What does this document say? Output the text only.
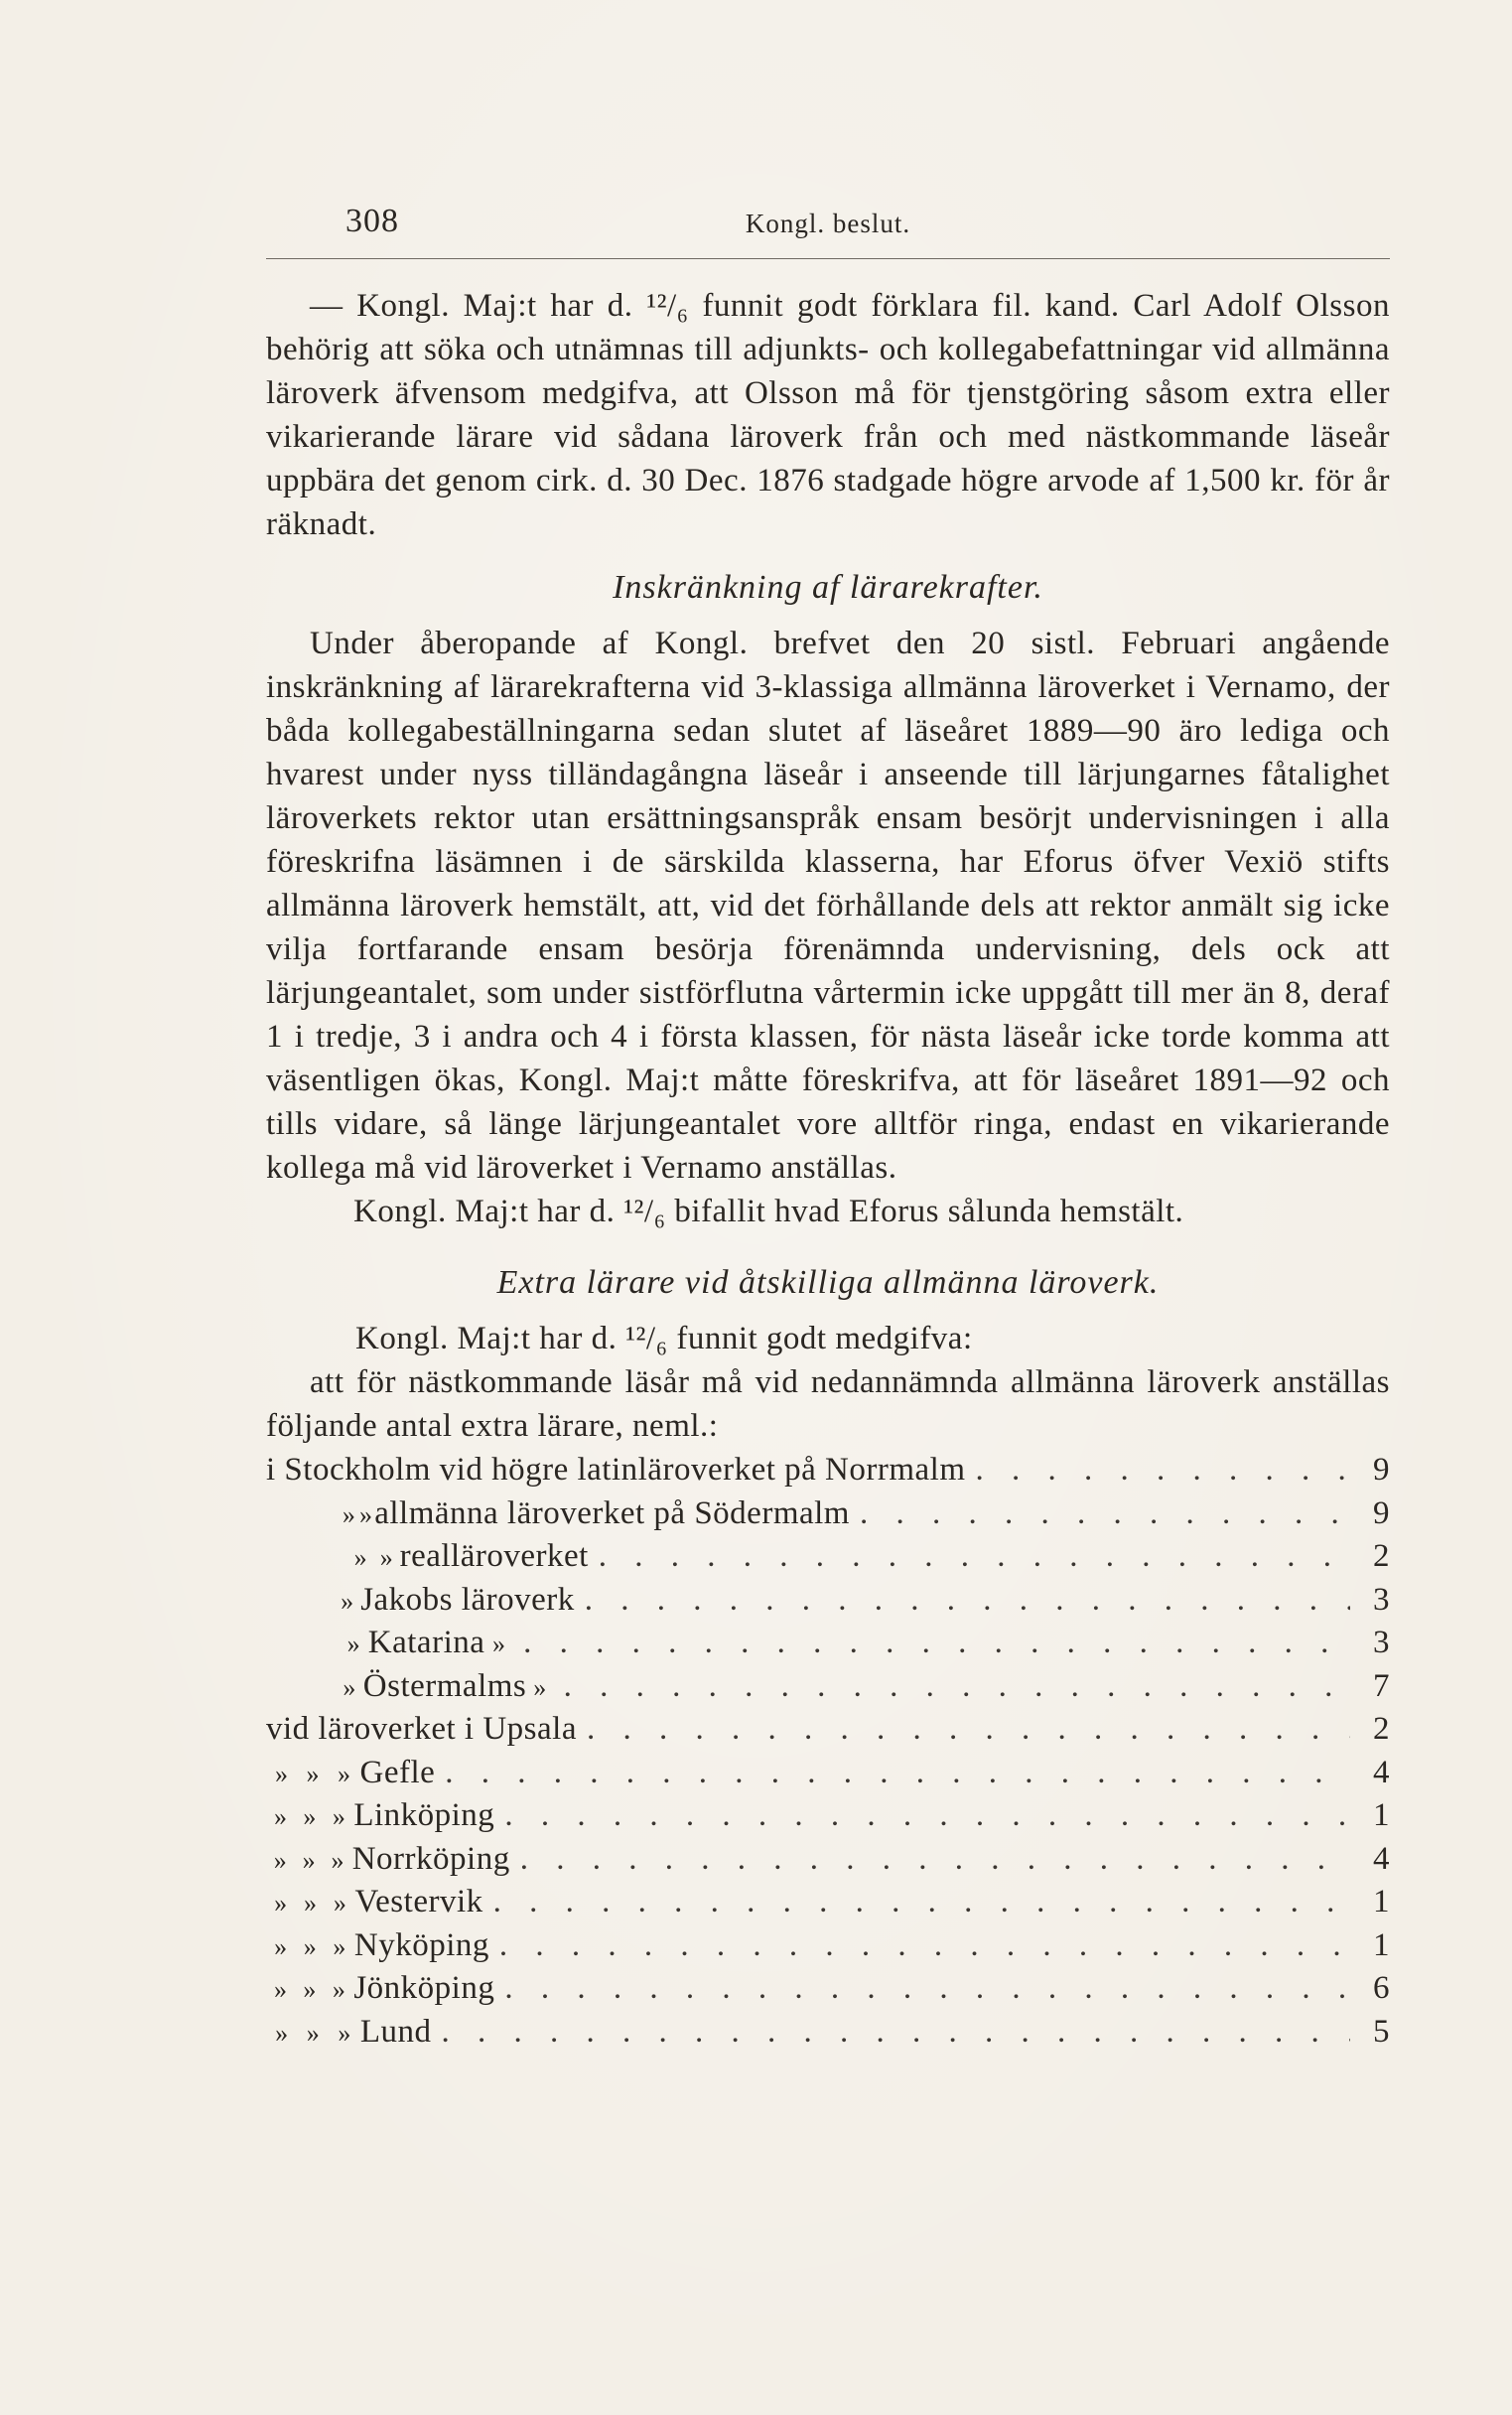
308	Kongl. beslut.

— Kongl. Maj:t har d. ¹²/₆ funnit godt förklara fil. kand. Carl Adolf Olsson behörig att söka och utnämnas till adjunkts- och kollegabefattningar vid allmänna läroverk äfvensom medgifva, att Olsson må för tjenstgöring såsom extra eller vikarierande lärare vid sådana läroverk från och med nästkommande läseår uppbära det genom cirk. d. 30 Dec. 1876 stadgade högre arvode af 1,500 kr. för år räknadt.

Inskränkning af lärarekrafter.

Under åberopande af Kongl. brefvet den 20 sistl. Februari angående inskränkning af lärarekrafterna vid 3-klassiga allmänna läroverket i Vernamo, der båda kollegabeställningarna sedan slutet af läseåret 1889—90 äro lediga och hvarest under nyss tilländagångna läseår i anseende till lärjungarnes fåtalighet läroverkets rektor utan ersättningsanspråk ensam besörjt undervisningen i alla föreskrifna läsämnen i de särskilda klasserna, har Eforus öfver Vexiö stifts allmänna läroverk hemstält, att, vid det förhållande dels att rektor anmält sig icke vilja fortfarande ensam besörja förenämnda undervisning, dels ock att lärjungeantalet, som under sistförflutna vårtermin icke uppgått till mer än 8, deraf 1 i tredje, 3 i andra och 4 i första klassen, för nästa läseår icke torde komma att väsentligen ökas, Kongl. Maj:t måtte föreskrifva, att för läseåret 1891—92 och tills vidare, så länge lärjungeantalet vore alltför ringa, endast en vikarierande kollega må vid läroverket i Vernamo anställas.

Kongl. Maj:t har d. ¹²/₆ bifallit hvad Eforus sålunda hemstält.

Extra lärare vid åtskilliga allmänna läroverk.

Kongl. Maj:t har d. ¹²/₆ funnit godt medgifva:

att för nästkommande läsår må vid nedannämnda allmänna läroverk anställas följande antal extra lärare, neml.:

i Stockholm vid högre
latinläroverket på Norrmalm . . .	9
» » allmänna läroverket på Södermalm . . .	9
» » realläroverket . . .	2
» Jakobs läroverk . . .	3
» Katarina » . . .	3
» Östermalms » . . .	7
vid läroverket i
Upsala . . .	2
» » » Gefle . . .	4
» » » Linköping . . .	1
» » » Norrköping . . .	4
» » » Vestervik . . .	1
» » » Nyköping . . .	1
» » » Jönköping . . .	6
» » » Lund . . .	5
